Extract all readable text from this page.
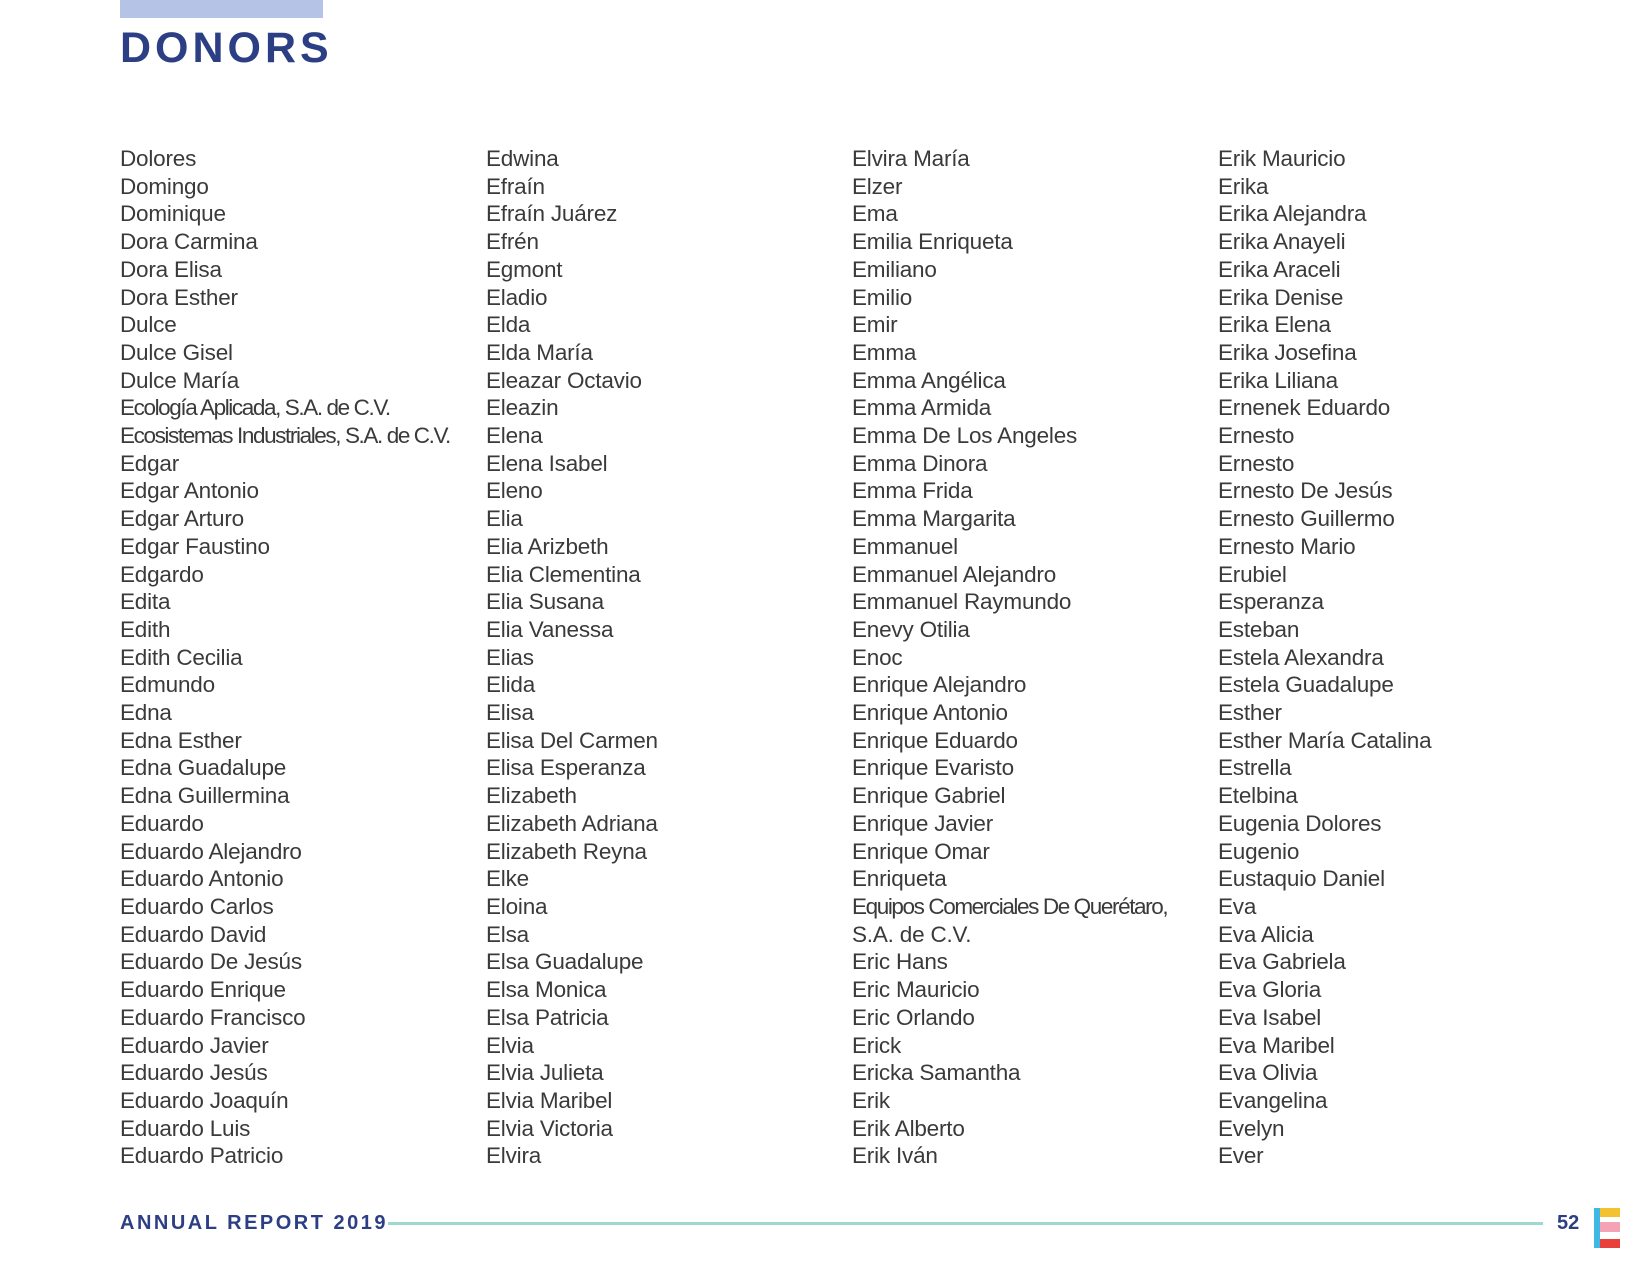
DONORS
Dolores
Domingo
Dominique
Dora Carmina
Dora Elisa
Dora Esther
Dulce
Dulce Gisel
Dulce María
Ecología Aplicada, S.A. de C.V.
Ecosistemas Industriales, S.A. de C.V.
Edgar
Edgar Antonio
Edgar Arturo
Edgar Faustino
Edgardo
Edita
Edith
Edith Cecilia
Edmundo
Edna
Edna Esther
Edna Guadalupe
Edna Guillermina
Eduardo
Eduardo Alejandro
Eduardo Antonio
Eduardo Carlos
Eduardo David
Eduardo De Jesús
Eduardo Enrique
Eduardo Francisco
Eduardo Javier
Eduardo Jesús
Eduardo Joaquín
Eduardo Luis
Eduardo Patricio
Edwina
Efraín
Efraín Juárez
Efrén
Egmont
Eladio
Elda
Elda María
Eleazar Octavio
Eleazin
Elena
Elena Isabel
Eleno
Elia
Elia Arizbeth
Elia Clementina
Elia Susana
Elia Vanessa
Elias
Elida
Elisa
Elisa Del Carmen
Elisa Esperanza
Elizabeth
Elizabeth Adriana
Elizabeth Reyna
Elke
Eloina
Elsa
Elsa Guadalupe
Elsa Monica
Elsa Patricia
Elvia
Elvia Julieta
Elvia Maribel
Elvia Victoria
Elvira
Elvira María
Elzer
Ema
Emilia Enriqueta
Emiliano
Emilio
Emir
Emma
Emma Angélica
Emma Armida
Emma De Los Angeles
Emma Dinora
Emma Frida
Emma Margarita
Emmanuel
Emmanuel Alejandro
Emmanuel Raymundo
Enevy Otilia
Enoc
Enrique Alejandro
Enrique Antonio
Enrique Eduardo
Enrique Evaristo
Enrique Gabriel
Enrique Javier
Enrique Omar
Enriqueta
Equipos Comerciales De Querétaro,
S.A. de C.V.
Eric Hans
Eric Mauricio
Eric Orlando
Erick
Ericka Samantha
Erik
Erik Alberto
Erik Iván
Erik Mauricio
Erika
Erika Alejandra
Erika Anayeli
Erika Araceli
Erika Denise
Erika Elena
Erika Josefina
Erika Liliana
Ernenek Eduardo
Ernesto
Ernesto
Ernesto De Jesús
Ernesto Guillermo
Ernesto Mario
Erubiel
Esperanza
Esteban
Estela Alexandra
Estela Guadalupe
Esther
Esther María Catalina
Estrella
Etelbina
Eugenia Dolores
Eugenio
Eustaquio Daniel
Eva
Eva Alicia
Eva Gabriela
Eva Gloria
Eva Isabel
Eva Maribel
Eva Olivia
Evangelina
Evelyn
Ever
ANNUAL REPORT 2019	52
